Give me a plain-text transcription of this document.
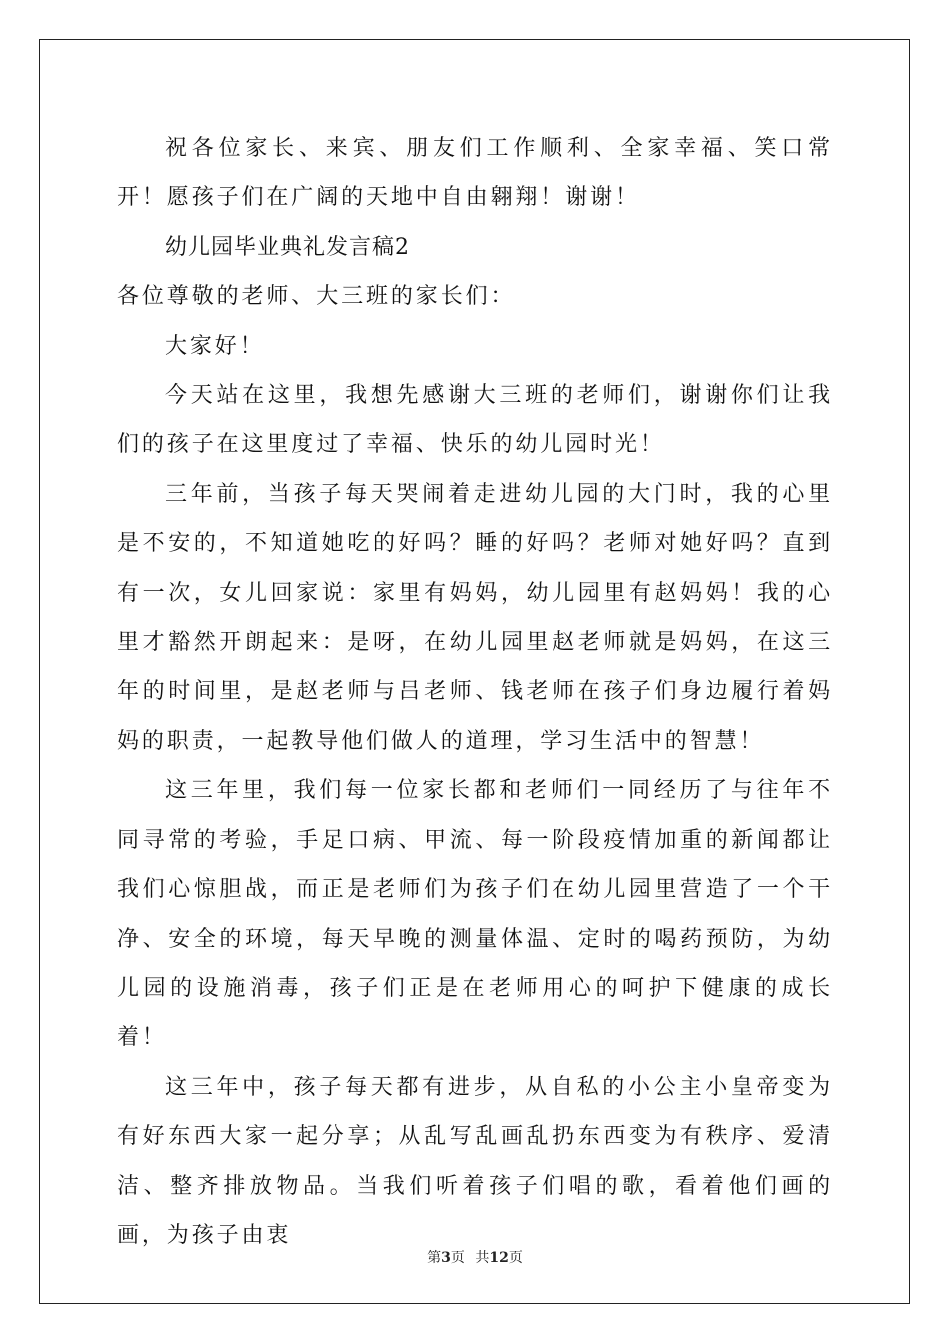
祝各位家长、来宾、朋友们工作顺利、全家幸福、笑口常开！愿孩子们在广阔的天地中自由翱翔！谢谢！

幼儿园毕业典礼发言稿2

各位尊敬的老师、大三班的家长们：

大家好！

今天站在这里，我想先感谢大三班的老师们，谢谢你们让我们的孩子在这里度过了幸福、快乐的幼儿园时光！

三年前，当孩子每天哭闹着走进幼儿园的大门时，我的心里是不安的，不知道她吃的好吗？睡的好吗？老师对她好吗？直到有一次，女儿回家说：家里有妈妈，幼儿园里有赵妈妈！我的心里才豁然开朗起来：是呀，在幼儿园里赵老师就是妈妈，在这三年的时间里，是赵老师与吕老师、钱老师在孩子们身边履行着妈妈的职责，一起教导他们做人的道理，学习生活中的智慧！

这三年里，我们每一位家长都和老师们一同经历了与往年不同寻常的考验，手足口病、甲流、每一阶段疫情加重的新闻都让我们心惊胆战，而正是老师们为孩子们在幼儿园里营造了一个干净、安全的环境，每天早晚的测量体温、定时的喝药预防，为幼儿园的设施消毒，孩子们正是在老师用心的呵护下健康的成长着！

这三年中，孩子每天都有进步，从自私的小公主小皇帝变为有好东西大家一起分享；从乱写乱画乱扔东西变为有秩序、爱清洁、整齐排放物品。当我们听着孩子们唱的歌，看着他们画的画，为孩子由衷

第3页 共12页
